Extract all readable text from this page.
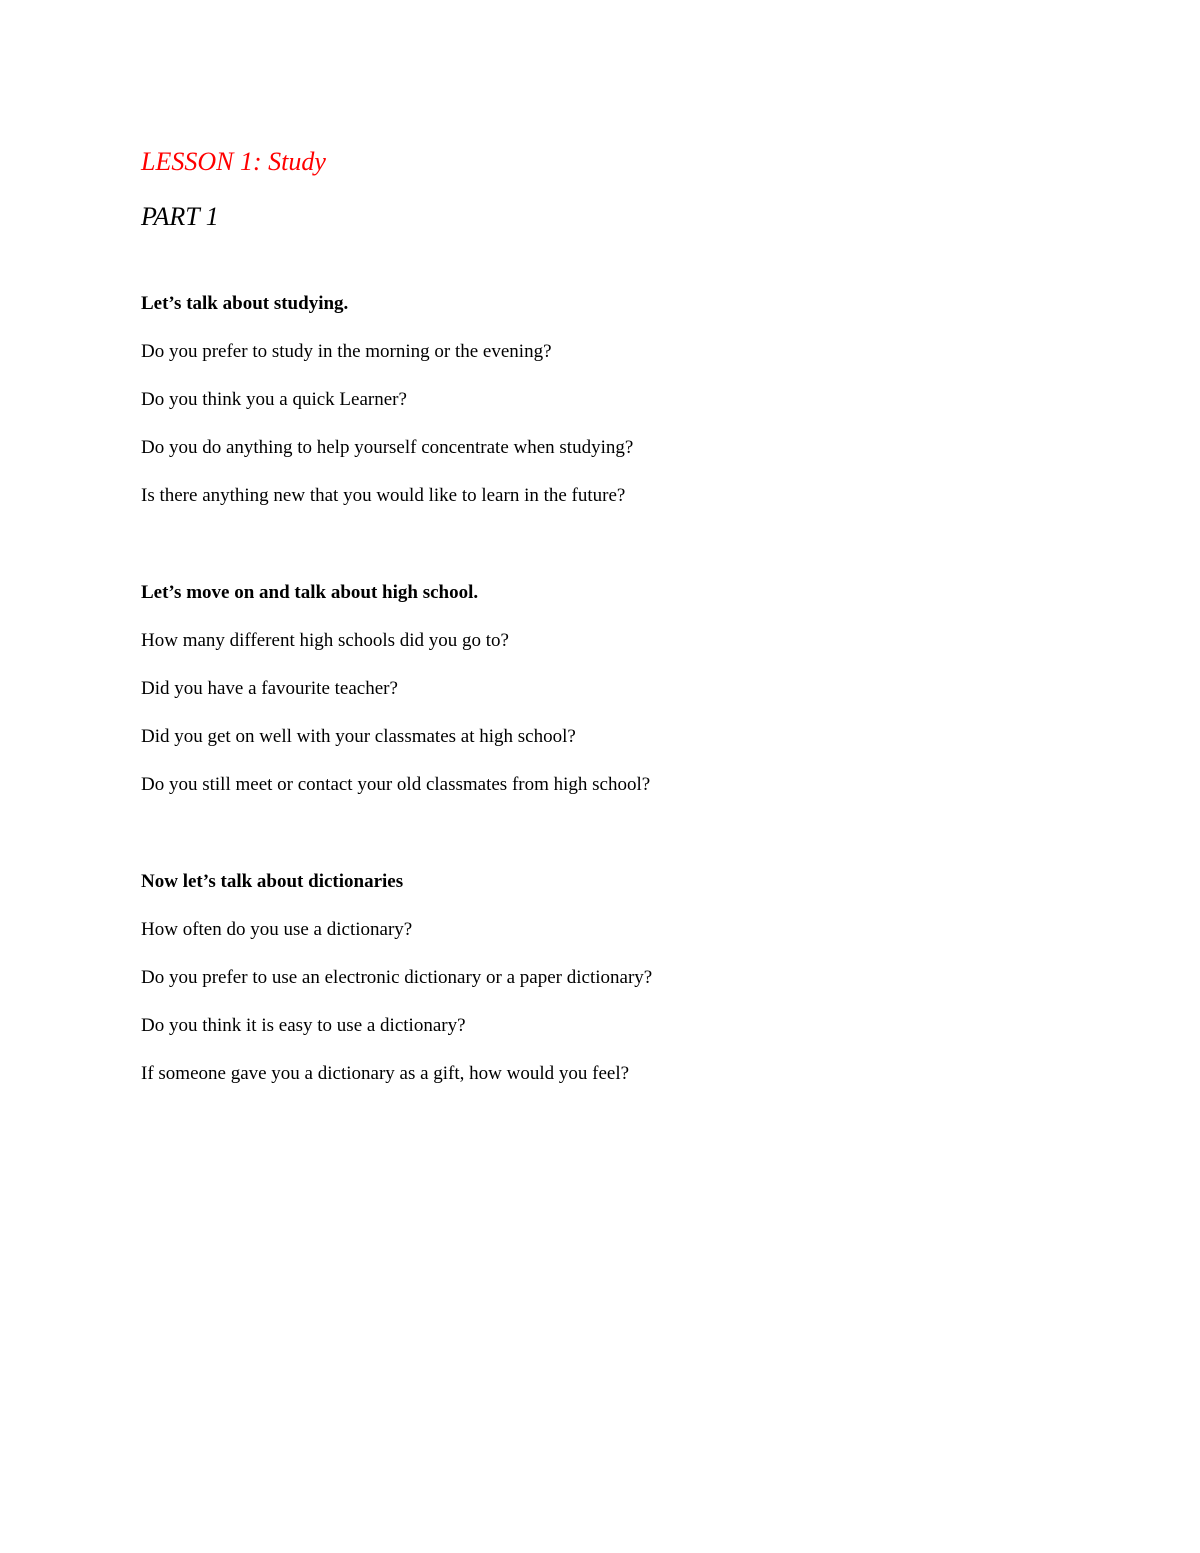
LESSON 1: Study
PART 1

Let’s talk about studying.

Do you prefer to study in the morning or the evening?

Do you think you a quick Learner?

Do you do anything to help yourself concentrate when studying?

Is there anything new that you would like to learn in the future?

Let’s move on and talk about high school.

How many different high schools did you go to?

Did you have a favourite teacher?

Did you get on well with your classmates at high school?

Do you still meet or contact your old classmates from high school?

Now let’s talk about dictionaries

How often do you use a dictionary?

Do you prefer to use an electronic dictionary or a paper dictionary?

Do you think it is easy to use a dictionary?

If someone gave you a dictionary as a gift, how would you feel?
